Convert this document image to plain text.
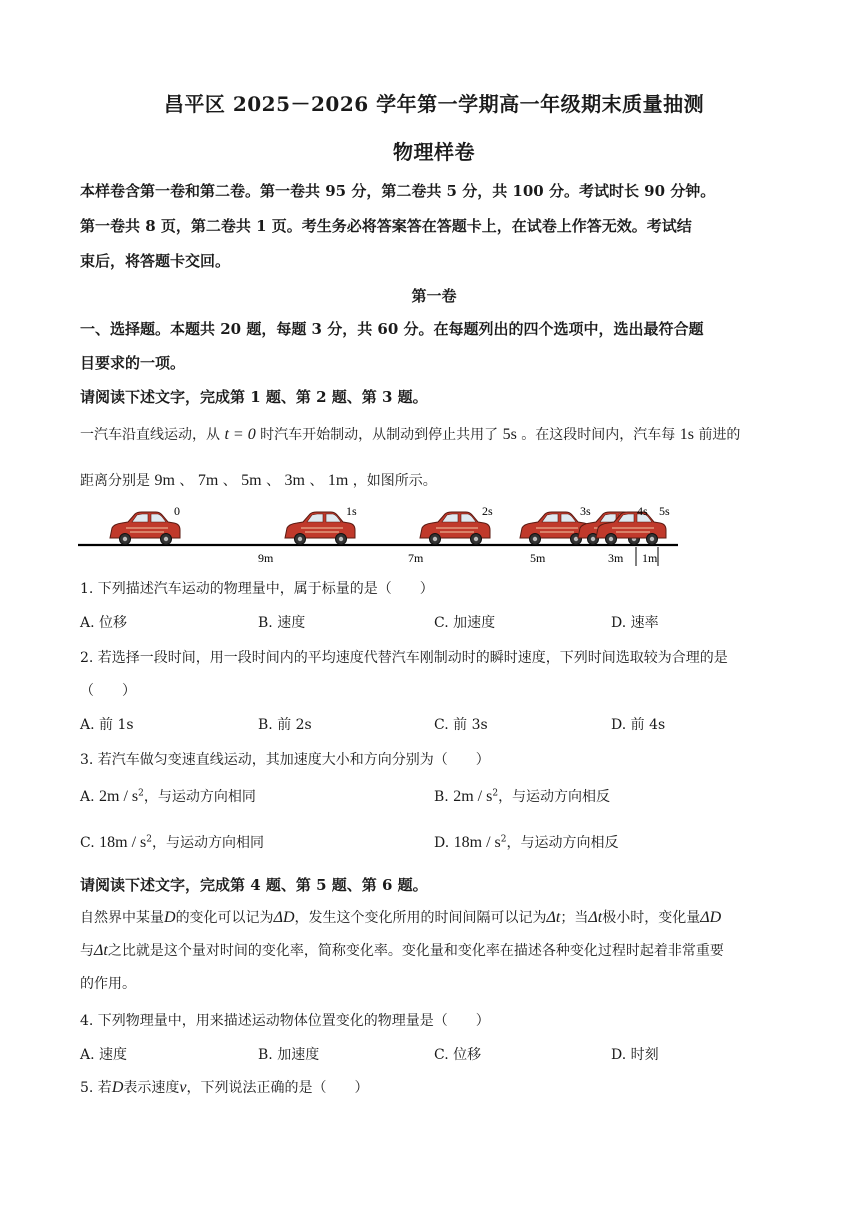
昌平区 2025－2026 学年第一学期高一年级期末质量抽测
物理样卷
本样卷含第一卷和第二卷。第一卷共 95 分，第二卷共 5 分，共 100 分。考试时长 90 分钟。
第一卷共 8 页，第二卷共 1 页。考生务必将答案答在答题卡上，在试卷上作答无效。考试结
束后，将答题卡交回。
第一卷
一、选择题。本题共 20 题，每题 3 分，共 60 分。在每题列出的四个选项中，选出最符合题
目要求的一项。
请阅读下述文字，完成第 1 题、第 2 题、第 3 题。
一汽车沿直线运动，从 t = 0 时汽车开始制动，从制动到停止共用了 5s 。在这段时间内，汽车每 1s 前进的
距离分别是 9m 、 7m 、 5m 、 3m 、 1m ，如图所示。
0	1s	2s	3s	4s 5s
9m	7m	5m	3m 1m
1. 下列描述汽车运动的物理量中，属于标量的是（　　）
A. 位移	B. 速度	C. 加速度	D. 速率
2. 若选择一段时间，用一段时间内的平均速度代替汽车刚制动时的瞬时速度，下列时间选取较为合理的是
（　　）
A. 前 1s	B. 前 2s	C. 前 3s	D. 前 4s
3. 若汽车做匀变速直线运动，其加速度大小和方向分别为（　　）
A. $2m / s^2$，与运动方向相同	B. $2m / s^2$，与运动方向相反
C. $18m / s^2$，与运动方向相同	D. $18m / s^2$，与运动方向相反
请阅读下述文字，完成第 4 题、第 5 题、第 6 题。
自然界中某量D的变化可以记为ΔD，发生这个变化所用的时间间隔可以记为Δt；当Δt极小时，变化量ΔD
与Δt之比就是这个量对时间的变化率，简称变化率。变化量和变化率在描述各种变化过程时起着非常重要
的作用。
4. 下列物理量中，用来描述运动物体位置变化的物理量是（　　）
A. 速度	B. 加速度	C. 位移	D. 时刻
5. 若D表示速度v，下列说法正确的是（　　）
